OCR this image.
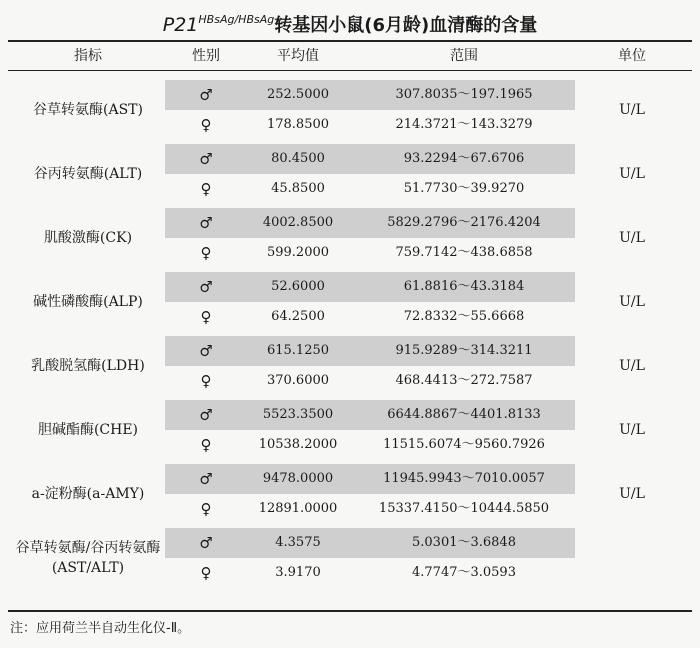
$P21^{HBsAg/HBsAg}$转基因小鼠(6月龄)血清酶的含量
指标	性别	平均值	范围	单位
谷草转氨酶(AST)	U/L
♂	252.5000	307.8035～197.1965
♀	178.8500	214.3721～143.3279
谷丙转氨酶(ALT)	U/L
♂	80.4500	93.2294～67.6706
♀	45.8500	51.7730～39.9270
肌酸激酶(CK)	U/L
♂	4002.8500	5829.2796～2176.4204
♀	599.2000	759.7142～438.6858
碱性磷酸酶(ALP)	U/L
♂	52.6000	61.8816～43.3184
♀	64.2500	72.8332～55.6668
乳酸脱氢酶(LDH)	U/L
♂	615.1250	915.9289～314.3211
♀	370.6000	468.4413～272.7587
胆碱酯酶(CHE)	U/L
♂	5523.3500	6644.8867～4401.8133
♀	10538.2000	11515.6074～9560.7926
a-淀粉酶(a-AMY)	U/L
♂	9478.0000	11945.9943～7010.0057
♀	12891.0000	15337.4150～10444.5850
谷草转氨酶/谷丙转氨酶(AST/ALT)
♂	4.3575	5.0301～3.6848
♀	3.9170	4.7747～3.0593
注：应用荷兰半自动生化仪-Ⅱ。
